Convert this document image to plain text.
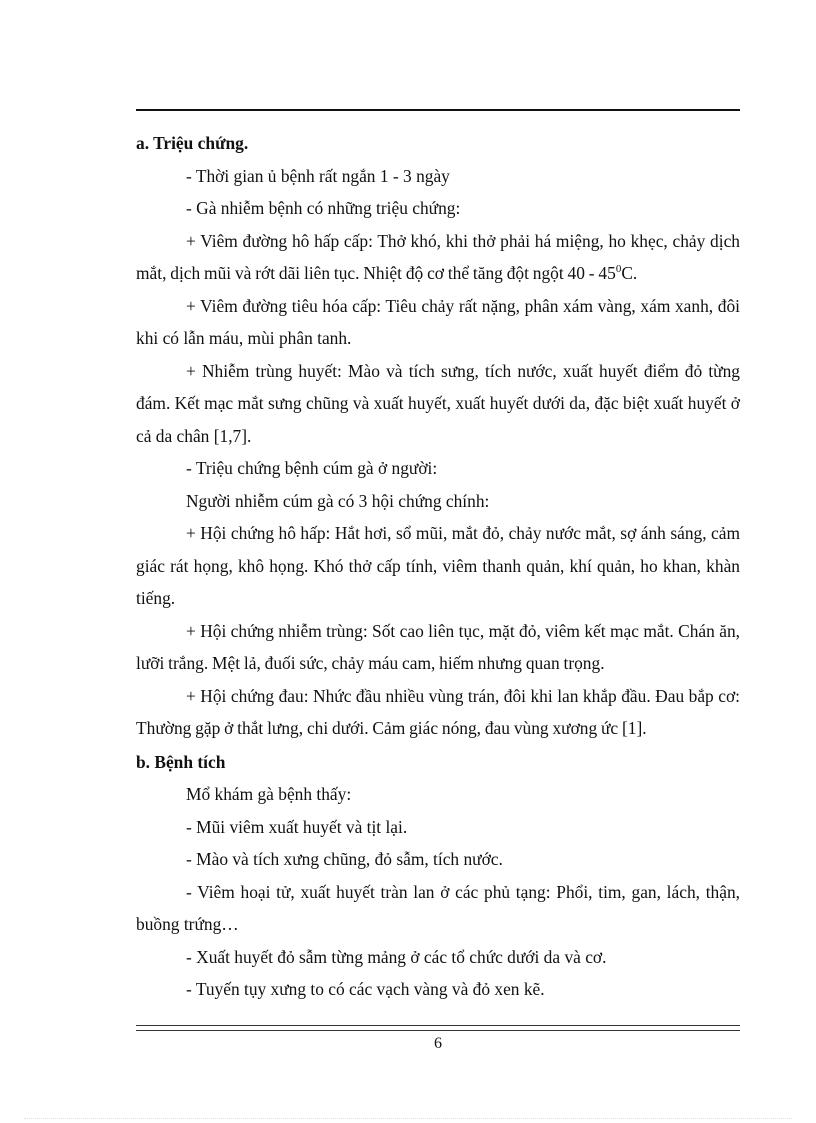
a. Triệu chứng.

- Thời gian ủ bệnh rất ngắn 1 - 3 ngày

- Gà nhiễm bệnh có những triệu chứng:

+ Viêm đường hô hấp cấp: Thở khó, khi thở phải há miệng, ho khẹc, chảy dịch mắt, dịch mũi và rớt dãi liên tục. Nhiệt độ cơ thể tăng đột ngột $40 - 45^0C$.

+ Viêm đường tiêu hóa cấp: Tiêu chảy rất nặng, phân xám vàng, xám xanh, đôi khi có lẫn máu, mùi phân tanh.

+ Nhiễm trùng huyết: Mào và tích sưng, tích nước, xuất huyết điểm đỏ từng đám. Kết mạc mắt sưng chũng và xuất huyết, xuất huyết dưới da, đặc biệt xuất huyết ở cả da chân [1,7].

- Triệu chứng bệnh cúm gà ở người:

Người nhiễm cúm gà có 3 hội chứng chính:

+ Hội chứng hô hấp: Hắt hơi, sổ mũi, mắt đỏ, chảy nước mắt, sợ ánh sáng, cảm giác rát họng, khô họng. Khó thở cấp tính, viêm thanh quản, khí quản, ho khan, khàn tiếng.

+ Hội chứng nhiễm trùng: Sốt cao liên tục, mặt đỏ, viêm kết mạc mắt. Chán ăn, lưỡi trắng. Mệt lả, đuối sức, chảy máu cam, hiếm nhưng quan trọng.

+ Hội chứng đau: Nhức đầu nhiều vùng trán, đôi khi lan khắp đầu. Đau bắp cơ: Thường gặp ở thắt lưng, chi dưới. Cảm giác nóng, đau vùng xương ức [1].

b. Bệnh tích

Mổ khám gà bệnh thấy:

- Mũi viêm xuất huyết và tịt lại.

- Mào và tích xưng chũng, đỏ sẫm, tích nước.

- Viêm hoại tử, xuất huyết tràn lan ở các phủ tạng: Phổi, tim, gan, lách, thận, buồng trứng…

- Xuất huyết đỏ sẫm từng mảng ở các tổ chức dưới da và cơ.

- Tuyến tụy xưng to có các vạch vàng và đỏ xen kẽ.

6
